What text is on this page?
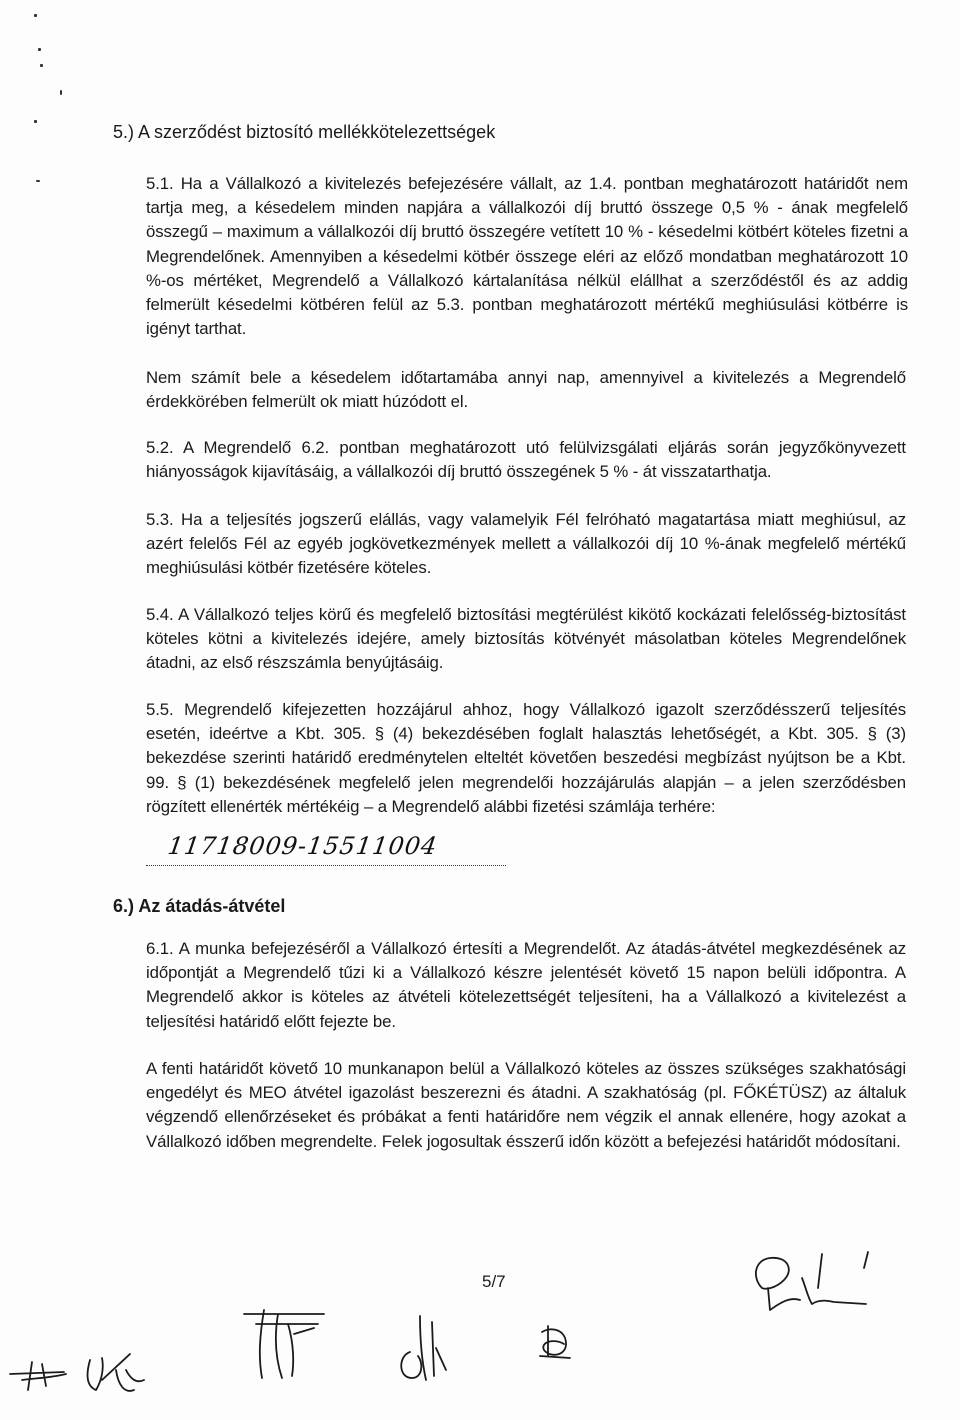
5.) A szerződést biztosító mellékkötelezettségek
5.1. Ha a Vállalkozó a kivitelezés befejezésére vállalt, az 1.4. pontban meghatározott határidőt nem tartja meg, a késedelem minden napjára a vállalkozói díj bruttó összege 0,5 % - ának megfelelő összegű – maximum a vállalkozói díj bruttó összegére vetített 10 % - késedelmi kötbért köteles fizetni a Megrendelőnek. Amennyiben a késedelmi kötbér összege eléri az előző mondatban meghatározott 10 %-os mértéket, Megrendelő a Vállalkozó kártalanítása nélkül elállhat a szerződéstől és az addig felmerült késedelmi kötbéren felül az 5.3. pontban meghatározott mértékű meghiúsulási kötbérre is igényt tarthat.
Nem számít bele a késedelem időtartamába annyi nap, amennyivel a kivitelezés a Megrendelő érdekkörében felmerült ok miatt húzódott el.
5.2. A Megrendelő 6.2. pontban meghatározott utó felülvizsgálati eljárás során jegyzőkönyvezett hiányosságok kijavításáig, a vállalkozói díj bruttó összegének 5 % - át visszatarthatja.
5.3. Ha a teljesítés jogszerű elállás, vagy valamelyik Fél felróható magatartása miatt meghiúsul, az azért felelős Fél az egyéb jogkövetkezmények mellett a vállalkozói díj 10 %-ának megfelelő mértékű meghiúsulási kötbér fizetésére köteles.
5.4. A Vállalkozó teljes körű és megfelelő biztosítási megtérülést kikötő kockázati felelősség-biztosítást köteles kötni a kivitelezés idejére, amely biztosítás kötvényét másolatban köteles Megrendelőnek átadni, az első részszámla benyújtásáig.
5.5. Megrendelő kifejezetten hozzájárul ahhoz, hogy Vállalkozó igazolt szerződésszerű teljesítés esetén, ideértve a Kbt. 305. § (4) bekezdésében foglalt halasztás lehetőségét, a Kbt. 305. § (3) bekezdése szerinti határidő eredménytelen elteltét követően beszedési megbízást nyújtson be a Kbt. 99. § (1) bekezdésének megfelelő jelen megrendelői hozzájárulás alapján – a jelen szerződésben rögzített ellenérték mértékéig – a Megrendelő alábbi fizetési számlája terhére:
11718009-15511004
6.) Az átadás-átvétel
6.1. A munka befejezéséről a Vállalkozó értesíti a Megrendelőt. Az átadás-átvétel megkezdésének az időpontját a Megrendelő tűzi ki a Vállalkozó készre jelentését követő 15 napon belüli időpontra. A Megrendelő akkor is köteles az átvételi kötelezettségét teljesíteni, ha a Vállalkozó a kivitelezést a teljesítési határidő előtt fejezte be.
A fenti határidőt követő 10 munkanapon belül a Vállalkozó köteles az összes szükséges szakhatósági engedélyt és MEO átvétel igazolást beszerezni és átadni. A szakhatóság (pl. FŐKÉTÜSZ) az általuk végzendő ellenőrzéseket és próbákat a fenti határidőre nem végzik el annak ellenére, hogy azokat a Vállalkozó időben megrendelte. Felek jogosultak ésszerű időn között a befejezési határidőt módosítani.
5/7
